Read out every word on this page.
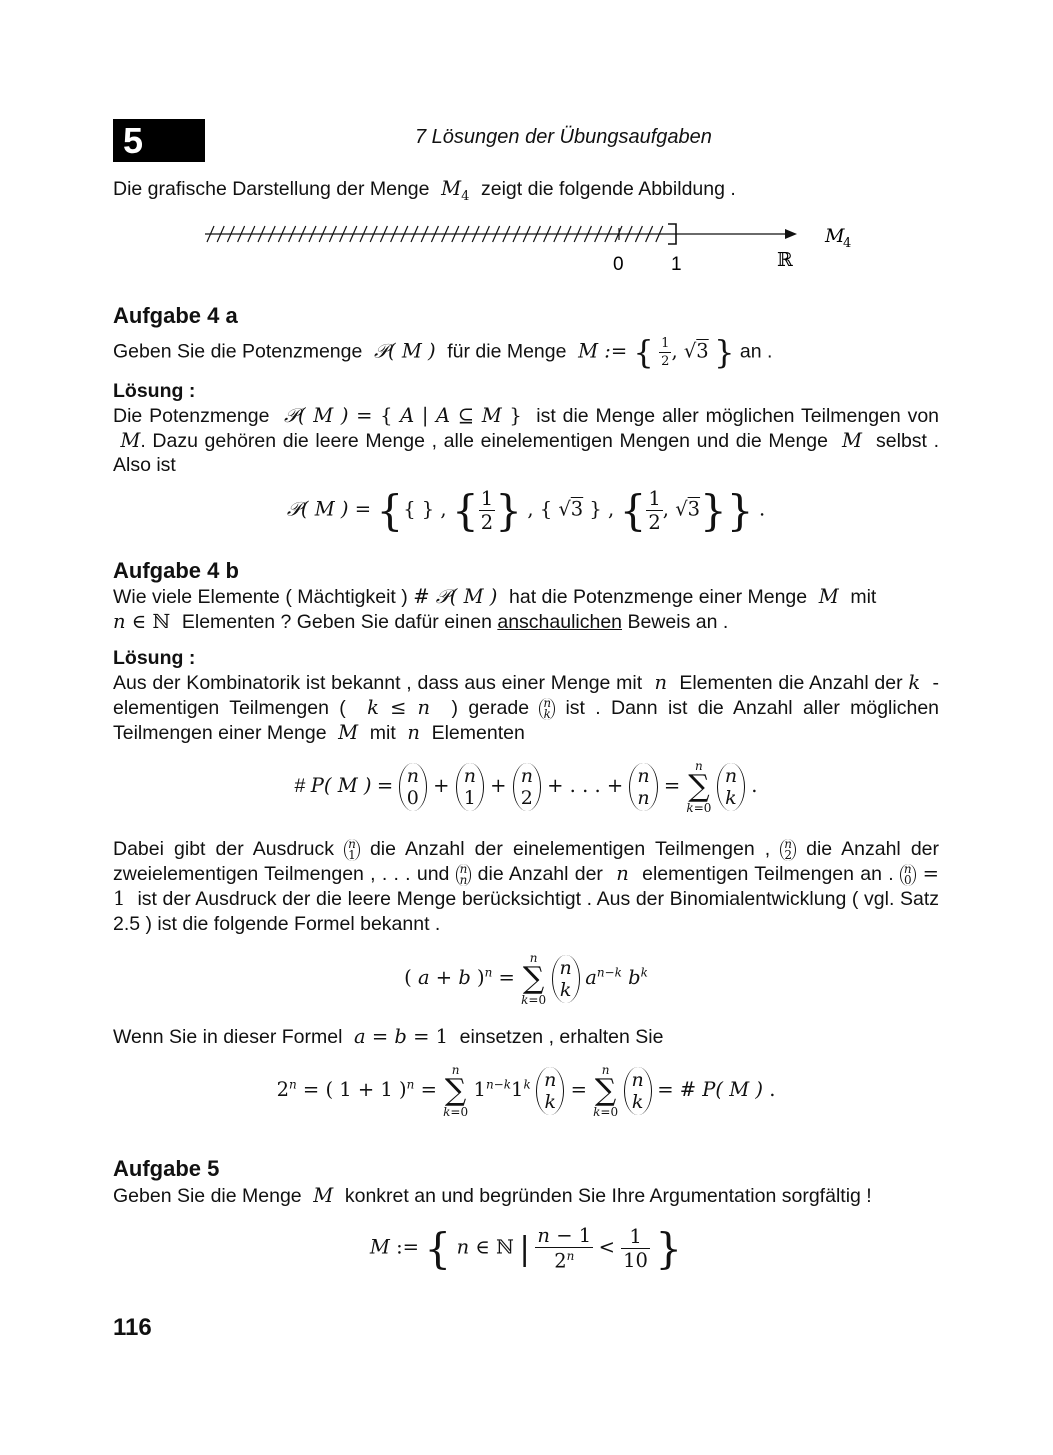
5	7 Lösungen der Übungsaufgaben

Die grafische Darstellung der Menge $M_4$ zeigt die folgende Abbildung .

0 1	ℝ
M
4
Aufgabe 4 a

Geben Sie die Potenzmenge  𝒫( M )  für die Menge  M := { $\frac{1}{2}$ , √3 } an .

Lösung :

Die Potenzmenge  𝒫( M ) = { A | A ⊆ M } ist die Menge aller möglichen Teilmengen von  M. Dazu gehören die leere Menge , alle einelementigen Mengen und die Menge  M  selbst . Also ist

𝒫( M ) = {{ } , { $\frac{1}{2}$ } , { √3 } , { $\frac{1}{2}$ , √3}} .
Aufgabe 4 b

Wie viele Elemente ( Mächtigkeit ) # 𝒫( M )  hat die Potenzmenge einer Menge  M  mit
n ∈ ℕ Elementen ? Geben Sie dafür einen anschaulichen Beweis an .

Lösung :

Aus der Kombinatorik ist bekannt , dass aus einer Menge mit  n  Elementen die Anzahl der k  - elementigen Teilmengen (  k ≤ n  ) gerade n
k ist . Dann ist die Anzahl aller möglichen Teilmengen einer Menge  M  mit  n  Elementen

# P( M ) = n
0 + n
1 + n
2 + . . . + n
n =
n
∑
k=0
n
k .

Dabei gibt der Ausdruck n
1 die Anzahl der einelementigen Teilmengen , n
2 die Anzahl der zweielementigen Teilmengen , . . . und n
n die Anzahl der  n  elementigen Teilmengen an . n
0 = 1  ist der Ausdruck der die leere Menge berücksichtigt . Aus der Binomialentwicklung ( vgl. Satz 2.5 ) ist die folgende Formel bekannt .

( a + b )$^n$ =
n
∑
k=0
n
k $a^{n-k}$ $b^k$

Wenn Sie in dieser Formel  a = b = 1 einsetzen , erhalten Sie

$2^n$ = ( 1 + 1 )$^n$ =
n
∑
k=0
$1^{n-k}1^k$ n
k =
n
∑
k=0
n
k = # P( M ) .
Aufgabe 5

Geben Sie die Menge  M  konkret an und begründen Sie Ihre Argumentation sorgfältig !

M := { n ∈ ℕ | $\frac{n - 1}{2^n} < \frac{1}{10}$ }
116
